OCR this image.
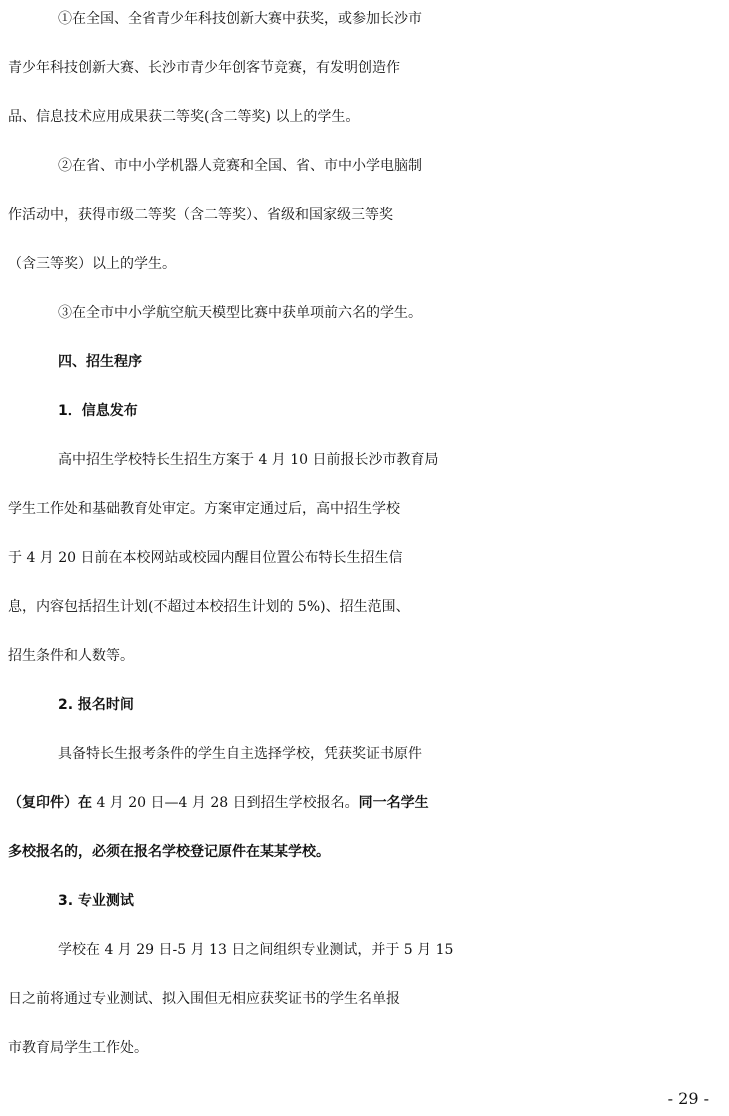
①在全国、全省青少年科技创新大赛中获奖，或参加长沙市
青少年科技创新大赛、长沙市青少年创客节竞赛，有发明创造作
品、信息技术应用成果获二等奖(含二等奖) 以上的学生。
②在省、市中小学机器人竞赛和全国、省、市中小学电脑制
作活动中，获得市级二等奖（含二等奖）、省级和国家级三等奖
（含三等奖）以上的学生。
③在全市中小学航空航天模型比赛中获单项前六名的学生。
四、招生程序
1．信息发布
高中招生学校特长生招生方案于 4 月 10 日前报长沙市教育局
学生工作处和基础教育处审定。方案审定通过后，高中招生学校
于 4 月 20 日前在本校网站或校园内醒目位置公布特长生招生信
息，内容包括招生计划(不超过本校招生计划的 5%)、招生范围、
招生条件和人数等。
2. 报名时间
具备特长生报考条件的学生自主选择学校，凭获奖证书原件
（复印件）在 4 月 20 日—4 月 28 日到招生学校报名。同一名学生
多校报名的，必须在报名学校登记原件在某某学校。
3. 专业测试
学校在 4 月 29 日-5 月 13 日之间组织专业测试，并于 5 月 15
日之前将通过专业测试、拟入围但无相应获奖证书的学生名单报
市教育局学生工作处。
- 29 -
